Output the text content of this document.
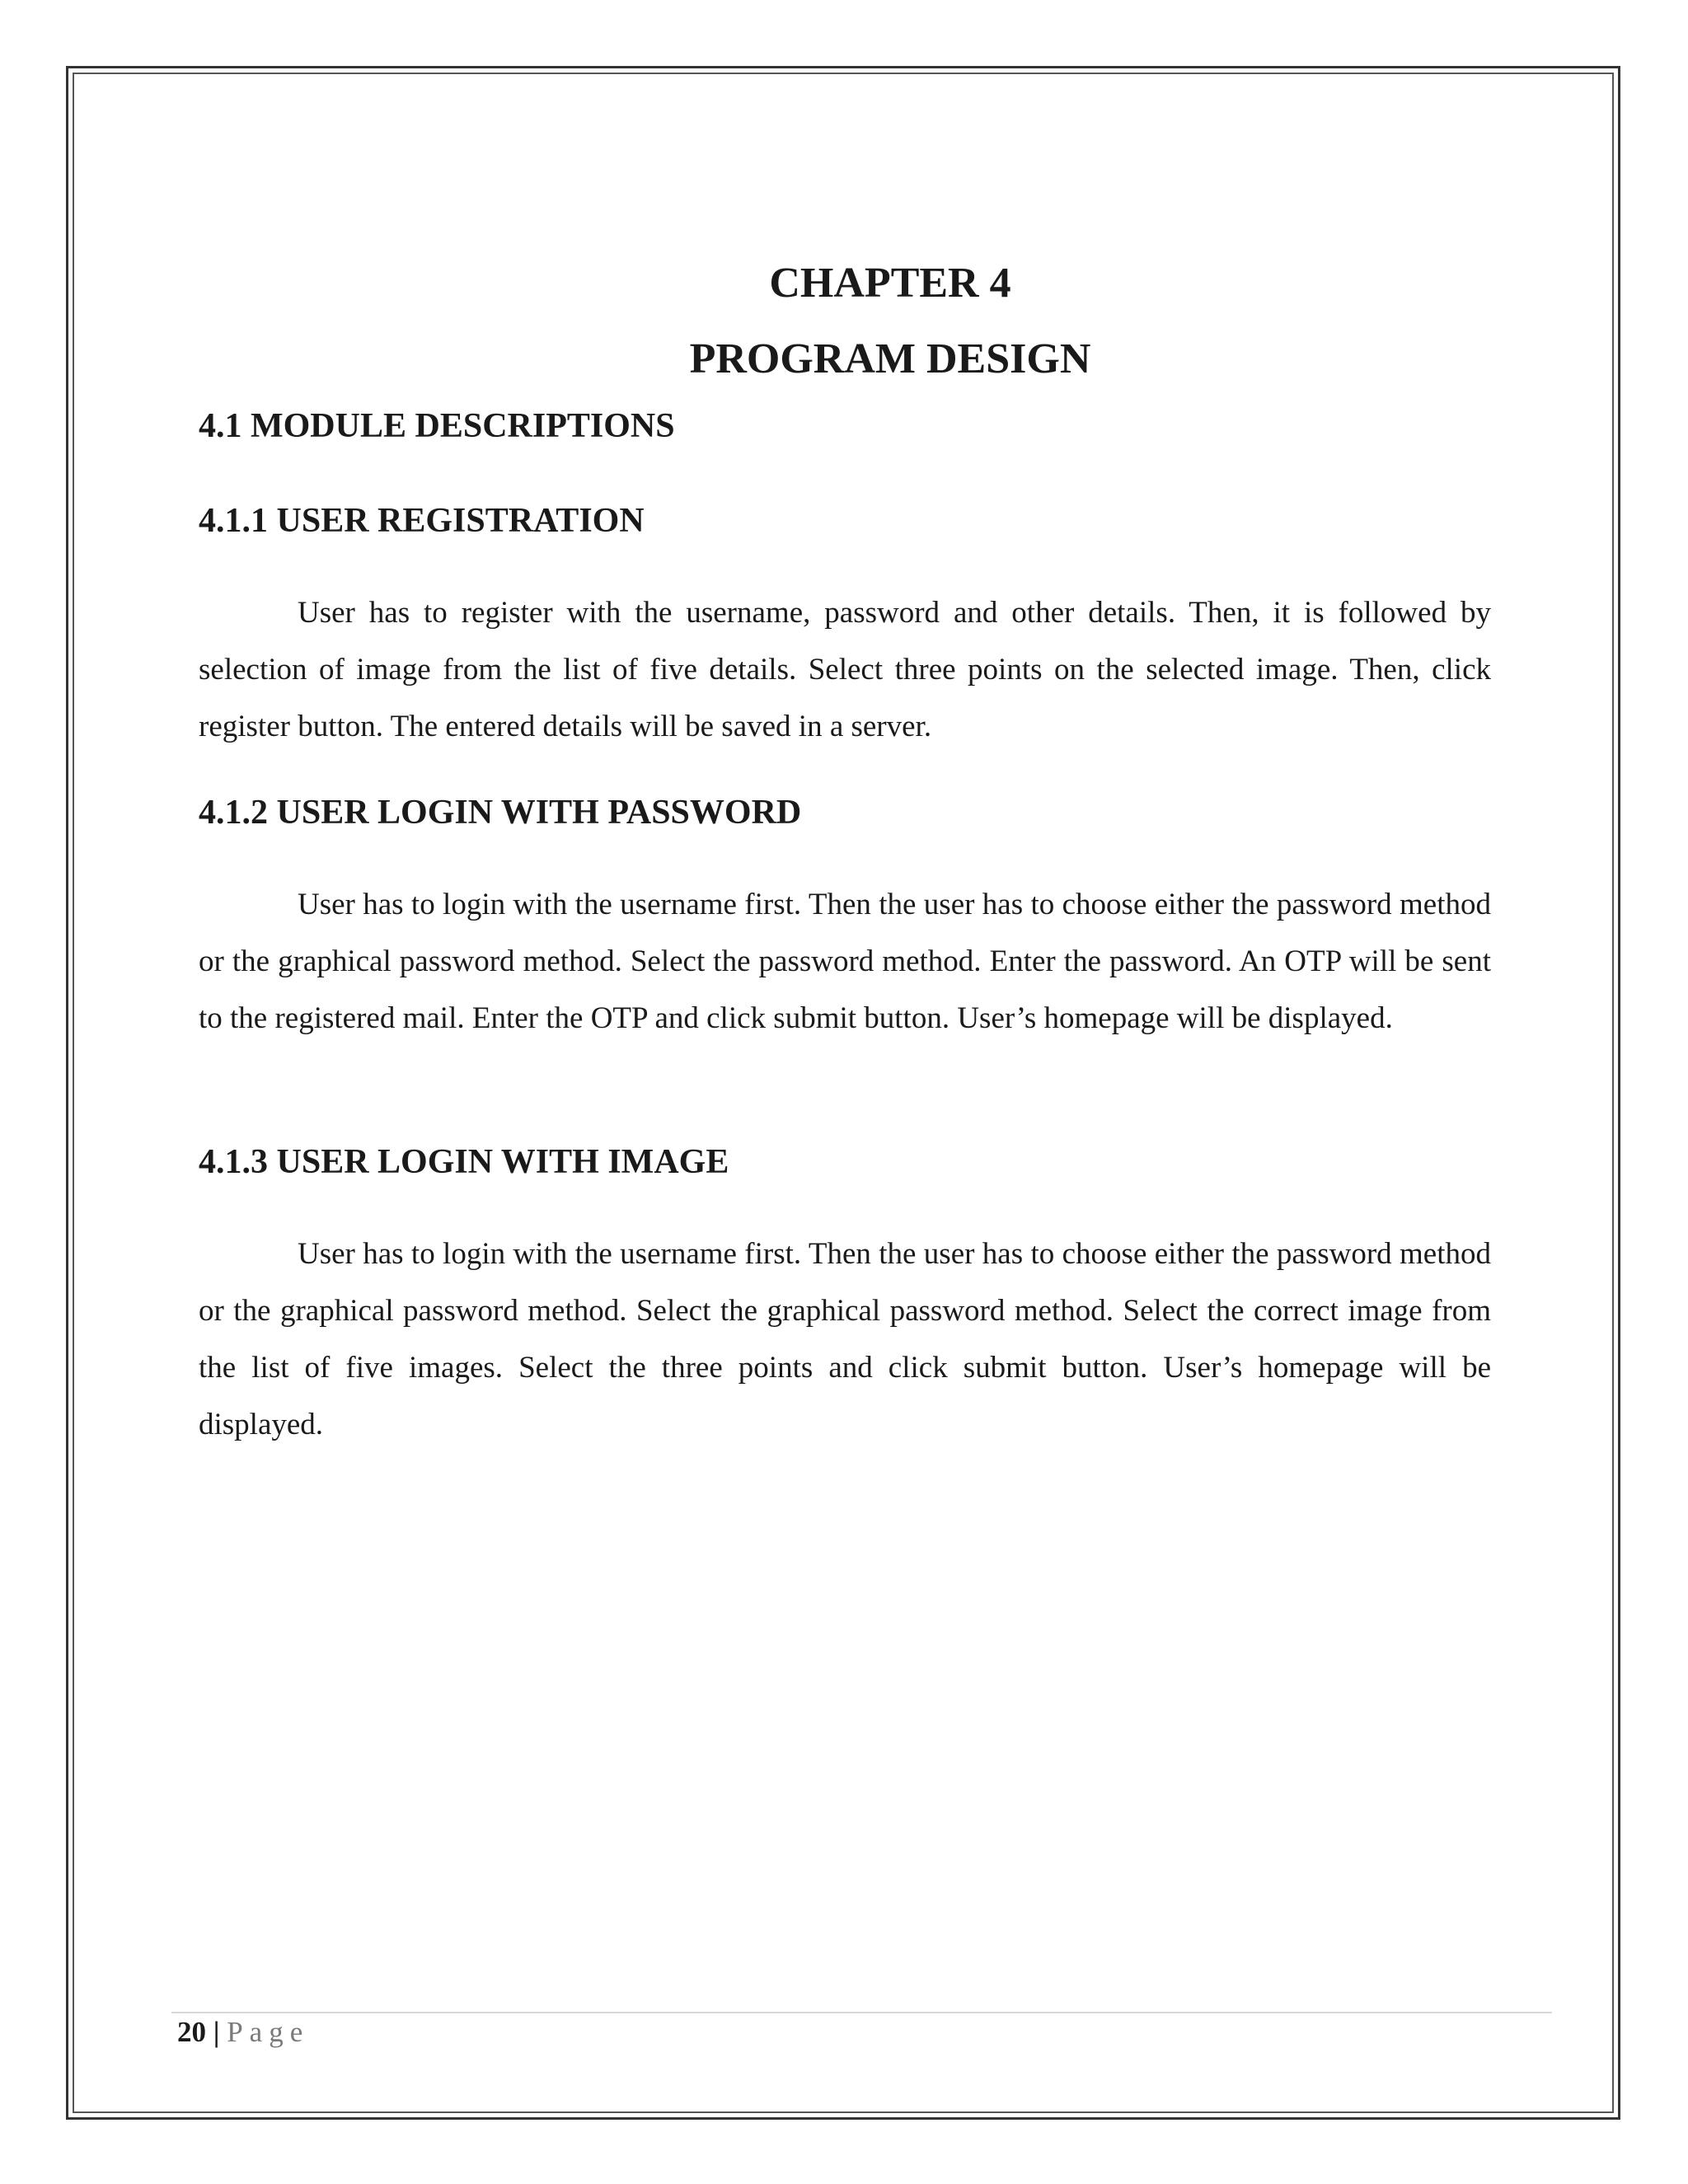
CHAPTER 4
PROGRAM DESIGN
4.1 MODULE DESCRIPTIONS
4.1.1 USER REGISTRATION

User has to register with the username, password and other details. Then, it is followed by selection of image from the list of five details. Select three points on the selected image. Then, click register button. The entered details will be saved in a server.

4.1.2 USER LOGIN WITH PASSWORD

User has to login with the username first. Then the user has to choose either the password method or the graphical password method. Select the password method. Enter the password. An OTP will be sent to the registered mail. Enter the OTP and click submit button. User’s homepage will be displayed.

4.1.3 USER LOGIN WITH IMAGE

User has to login with the username first. Then the user has to choose either the password method or the graphical password method. Select the graphical password method. Select the correct image from the list of five images. Select the three points and click submit button. User’s homepage will be displayed.

20 | Page
